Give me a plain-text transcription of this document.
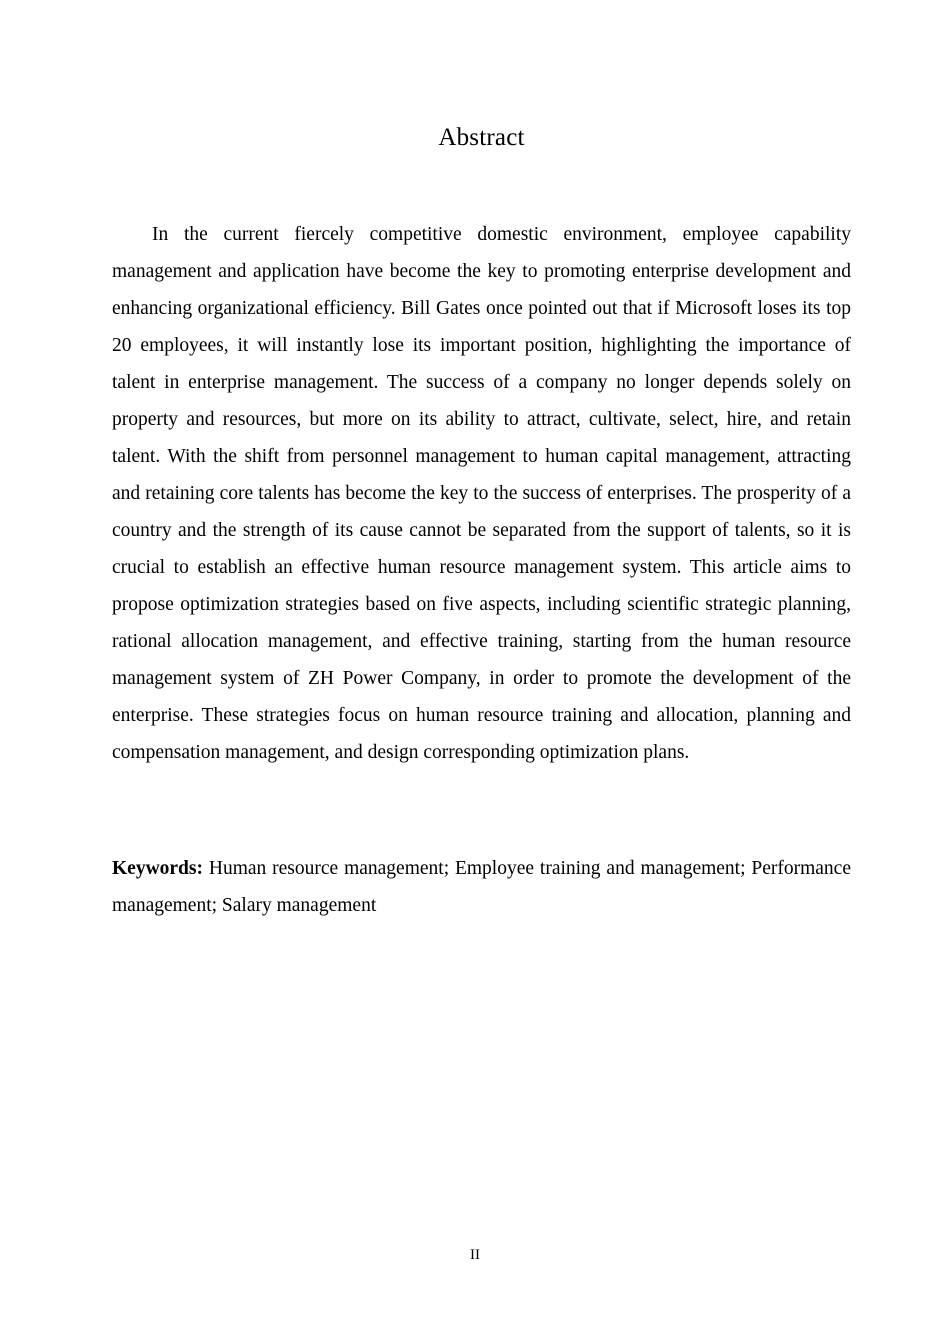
Abstract

In the current fiercely competitive domestic environment, employee capability management and application have become the key to promoting enterprise development and enhancing organizational efficiency. Bill Gates once pointed out that if Microsoft loses its top 20 employees, it will instantly lose its important position, highlighting the importance of talent in enterprise management. The success of a company no longer depends solely on property and resources, but more on its ability to attract, cultivate, select, hire, and retain talent. With the shift from personnel management to human capital management, attracting and retaining core talents has become the key to the success of enterprises. The prosperity of a country and the strength of its cause cannot be separated from the support of talents, so it is crucial to establish an effective human resource management system. This article aims to propose optimization strategies based on five aspects, including scientific strategic planning, rational allocation management, and effective training, starting from the human resource management system of ZH Power Company, in order to promote the development of the enterprise. These strategies focus on human resource training and allocation, planning and compensation management, and design corresponding optimization plans.

Keywords: Human resource management; Employee training and management; Performance management; Salary management

II
